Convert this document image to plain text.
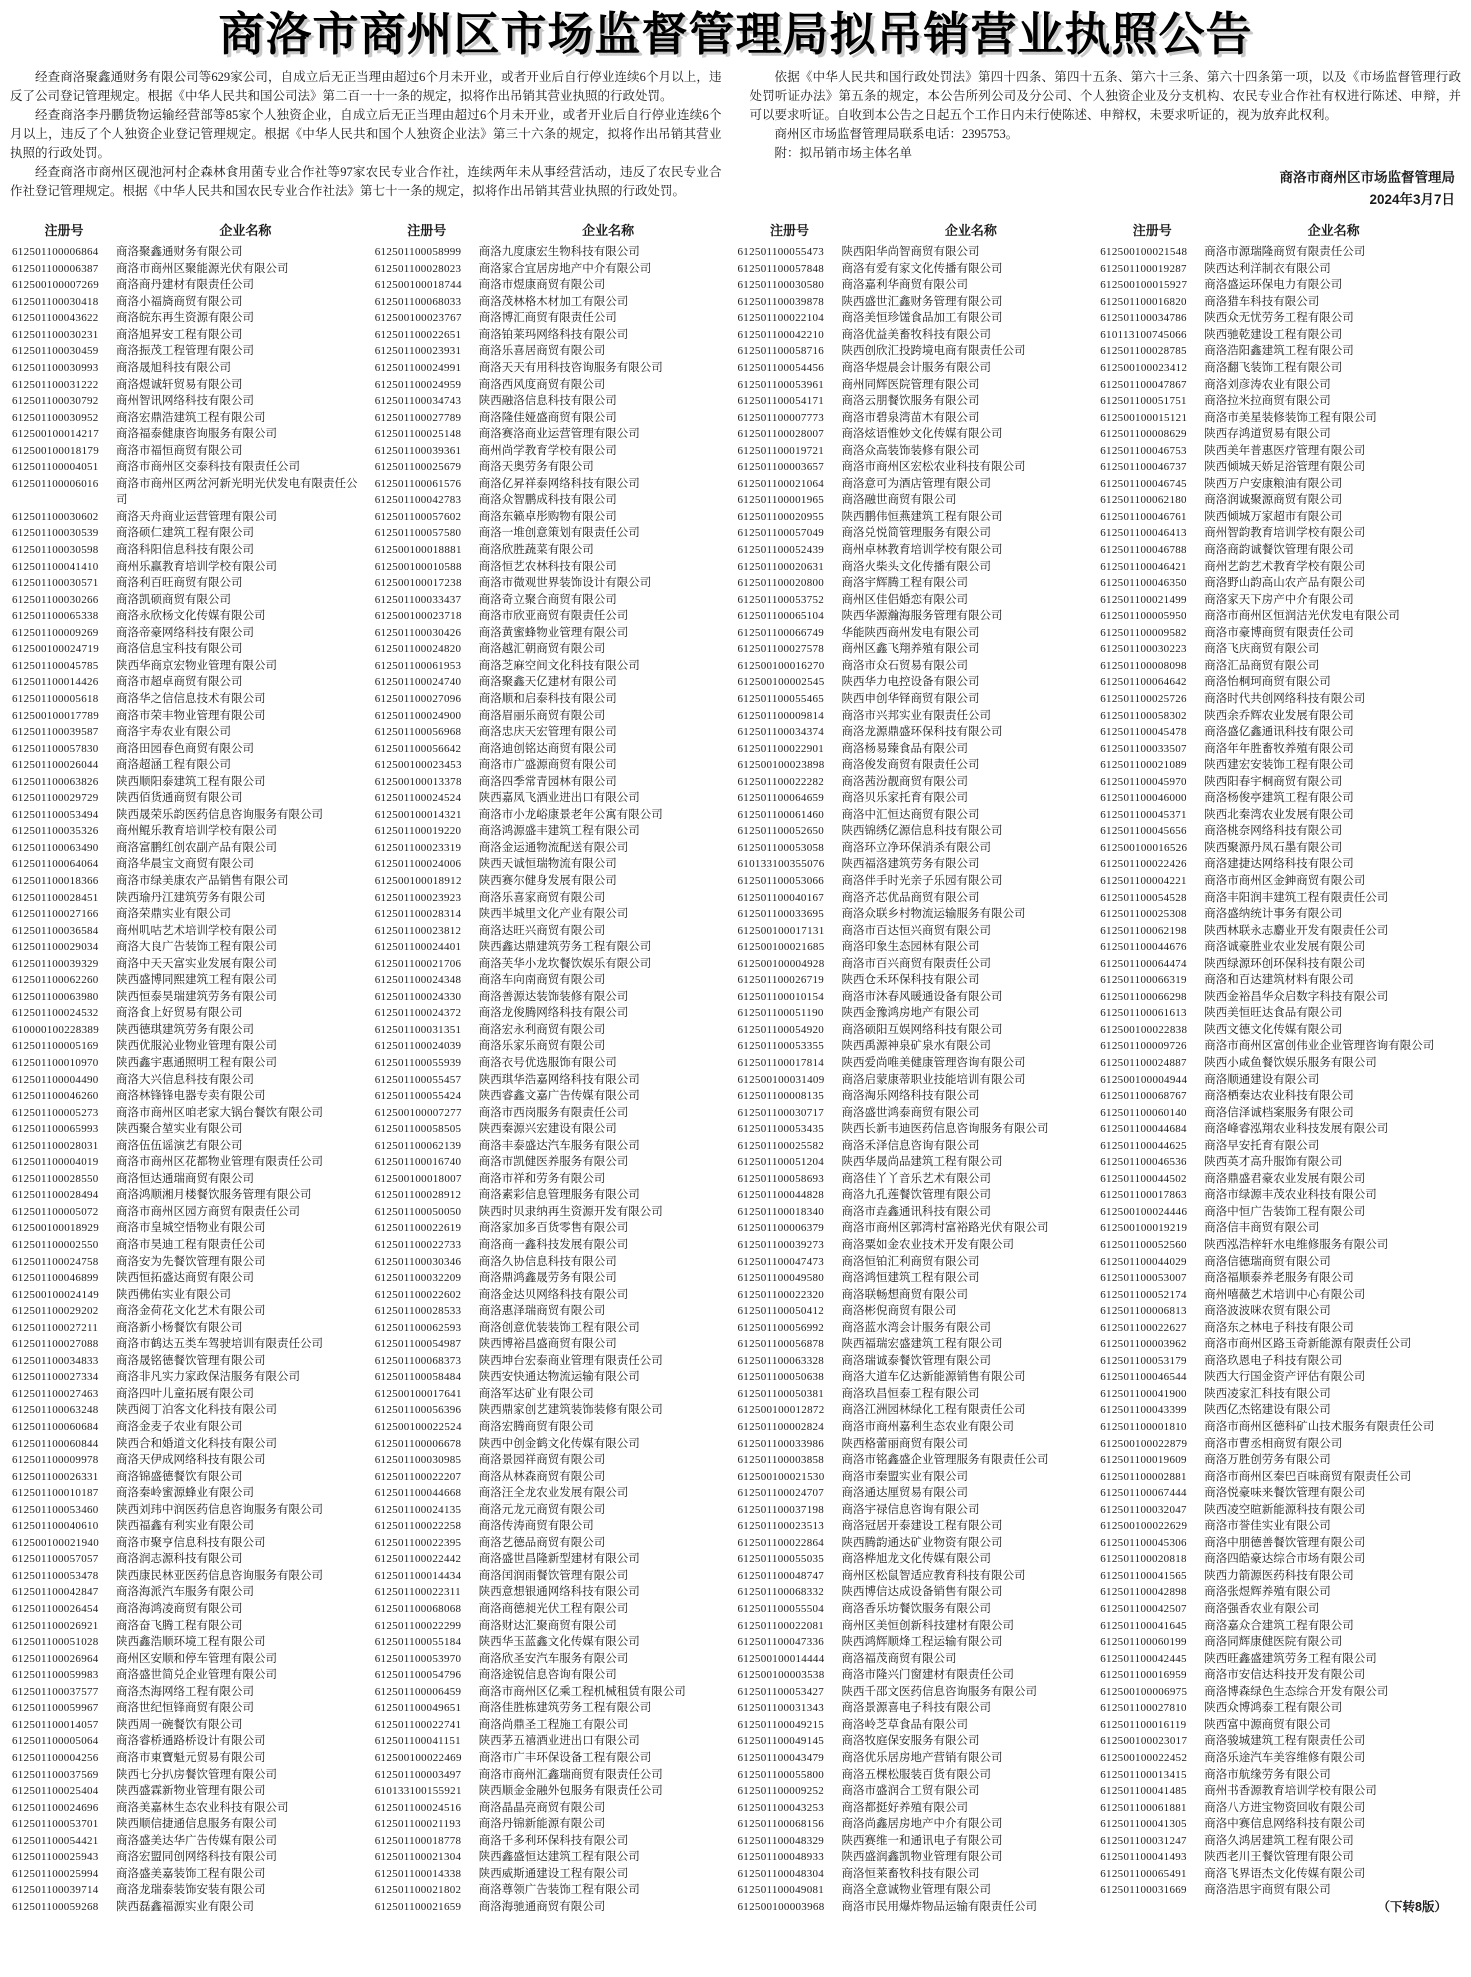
商洛市商州区市场监督管理局拟吊销营业执照公告

经查商洛聚鑫通财务有限公司等629家公司，自成立后无正当理由超过6个月未开业，或者开业后自行停业连续6个月以上，违反了公司登记管理规定。根据《中华人民共和国公司法》第二百一十一条的规定，拟将作出吊销其营业执照的行政处罚。

经查商洛李丹鹏货物运输经营部等85家个人独资企业，自成立后无正当理由超过6个月未开业，或者开业后自行停业连续6个月以上，违反了个人独资企业登记管理规定。根据《中华人民共和国个人独资企业法》第三十六条的规定，拟将作出吊销其营业执照的行政处罚。

经查商洛市商州区砚池河村企森林食用菌专业合作社等97家农民专业合作社，连续两年未从事经营活动，违反了农民专业合作社登记管理规定。根据《中华人民共和国农民专业合作社法》第七十一条的规定，拟将作出吊销其营业执照的行政处罚。

依据《中华人民共和国行政处罚法》第四十四条、第四十五条、第六十三条、第六十四条第一项，以及《市场监督管理行政处罚听证办法》第五条的规定，本公告所列公司及分公司、个人独资企业及分支机构、农民专业合作社有权进行陈述、申辩，并可以要求听证。自收到本公告之日起五个工作日内未行使陈述、申辩权，未要求听证的，视为放弃此权利。

商州区市场监督管理局联系电话：2395753。

附：拟吊销市场主体名单

商洛市商州区市场监督管理局
2024年3月7日
注册号	企业名称
612501100006864	商洛聚鑫通财务有限公司
612501100006387	商洛市商州区聚能源光伏有限公司
612500100007269	商洛商丹建材有限责任公司
612501100030418	商洛小福旖商贸有限公司
612501100043622	商洛皖东再生资源有限公司
612501100030231	商洛旭昇安工程有限公司
612501100030459	商洛振茂工程管理有限公司
612501100030993	商洛晟旭科技有限公司
612501100031222	商洛煜诚轩贸易有限公司
612501100030792	商州智讯网络科技有限公司
612501100030952	商洛宏鼎浩建筑工程有限公司
612500100014217	商洛福泰健康咨询服务有限公司
612500100018179	商洛市福恒商贸有限公司
612501100004051	商洛市商州区交泰科技有限责任公司
612501100006016	商洛市商州区两岔河新光明光伏发电有限责任公司
612501100030602	商洛天舟商业运营管理有限公司
612501100030539	商洛硕仁建筑工程有限公司
612501100030598	商洛科阳信息科技有限公司
612501100041410	商州乐赢教育培训学校有限公司
612501100030571	商洛利百旺商贸有限公司
612501100030266	商洛凯硕商贸有限公司
612501100065338	商洛永欣杨文化传媒有限公司
612501100009269	商洛帝豪网络科技有限公司
612500100024719	商洛信息宝科技有限公司
612501100045785	陕西华商京宏物业管理有限公司
612501100014426	商洛市超卓商贸有限公司
612501100005618	商洛华之信信息技术有限公司
612500100017789	商洛市荣丰物业管理有限公司
612501100039587	商洛宇寿农业有限公司
612501100057830	商洛田园春色商贸有限公司
612501100026044	商洛超涵工程有限公司
612501100063826	陕西顺阳泰建筑工程有限公司
612501100029729	陕西佰货通商贸有限公司
612501100053494	陕西晟荣乐韵医药信息咨询服务有限公司
612501100035326	商州鲲乐教育培训学校有限公司
612501100063490	商洛富鹏红创农副产品有限公司
612501100064064	商洛华晨宝文商贸有限公司
612501100018366	商洛市绿美康农产品销售有限公司
612501100028451	陕西瑜丹江建筑劳务有限公司
612501100027166	商洛荣鼎实业有限公司
612501100036584	商州叽咕艺术培训学校有限公司
612501100029034	商洛大良广告装饰工程有限公司
612501100039329	商洛中天天富实业发展有限公司
612501100062260	陕西盛博同熙建筑工程有限公司
612501100063980	陕西恒泰昊瑞建筑劳务有限公司
612501100024532	商洛食上好贸易有限公司
610000100228389	陕西德琪建筑劳务有限公司
612501100005169	陕西优服沁业物业管理有限公司
612501100010970	陕西鑫宇惠通照明工程有限公司
612501100004490	商洛大兴信息科技有限公司
612501100046260	商洛林锋锋电器专卖有限公司
612501100005273	商洛市商州区咱老家大锅台餐饮有限公司
612501100065993	陕西聚合堃实业有限公司
612501100028031	商洛伍伍谣演艺有限公司
612501100004019	商洛市商州区花都物业管理有限责任公司
612501100028550	商洛恒达通瑞商贸有限公司
612501100028494	商洛鸿顺湘月楼餐饮服务管理有限公司
612501100005072	商洛市商州区园方商贸有限责任公司
612500100018929	商洛市皇城空悟物业有限公司
612501100002550	商洛市昊迪工程有限责任公司
612501100024758	商洛安为先餐饮管理有限公司
612501100046899	陕西恒拓盛达商贸有限公司
612500100024149	陕西佛佑实业有限公司
612501100029202	商洛金荷花文化艺术有限公司
612501100027211	商洛新小杨餐饮有限公司
612501100027088	商洛市鹤达五类车驾驶培训有限责任公司
612501100034833	商洛晟铭德餐饮管理有限公司
612501100027334	商洛非凡实力家政保洁服务有限公司
612501100027463	商洛四叶儿童拓展有限公司
612501100063248	陕西阅丁泊客文化科技有限公司
612501100060684	商洛金麦子农业有限公司
612501100060844	陕西合和婚道文化科技有限公司
612501100009978	商洛天伊成网络科技有限公司
612501100026331	商洛锦盛德餐饮有限公司
612501100010187	商洛秦岭蜜源蜂业有限公司
612501100053460	陕西刘玮中润医药信息咨询服务有限公司
612501100040610	陕西福鑫有利实业有限公司
612500100021940	商洛市聚亨信息科技有限公司
612501100057057	商洛润志源科技有限公司
612501100053478	陕西康民林亚医药信息咨询服务有限公司
612501100042847	商洛海派汽车服务有限公司
612501100026454	商洛海鸿凌商贸有限公司
612501100026921	商洛奋飞腾工程有限公司
612501100051028	陕西鑫浩顺环境工程有限公司
612501100026964	商州区安顺和停车管理有限公司
612501100059983	商洛盛世简兑企业管理有限公司
612501100037577	商洛杰海网络工程有限公司
612501100059967	商洛世纪恒锋商贸有限公司
612501100014057	陕西周一碗餐饮有限公司
612501100005064	商洛睿桥通路桥设计有限公司
612501100004256	商洛市東寶魁元贸易有限公司
612501100037569	陕西七分扒房餐饮管理有限公司
612501100025404	陕西盛霖新物业管理有限公司
612501100024696	商洛美嘉林生态农业科技有限公司
612501100053701	陕西顺信捷通信息服务有限公司
612501100054421	商洛盛美达华广告传媒有限公司
612501100025943	商洛宏盟同创网络科技有限公司
612501100025994	商洛盛美嘉装饰工程有限公司
612501100039714	商洛龙瑞泰装饰安装有限公司
612501100059268	陕西磊鑫福源实业有限公司
注册号	企业名称
612501100058999	商洛九度康宏生物科技有限公司
612501100028023	商洛家合宜居房地产中介有限公司
612500100018744	商洛市煜康商贸有限公司
612501100068033	商洛茂林格木材加工有限公司
612500100023767	商洛博汇商贸有限责任公司
612501100022651	商洛铂莱玛网络科技有限公司
612501100023931	商洛乐喜居商贸有限公司
612501100024991	商洛天天有用科技咨询服务有限公司
612501100024959	商洛西风度商贸有限公司
612501100034743	陕西融洛信息科技有限公司
612501100027789	商洛隆佳娅盛商贸有限公司
612501100025148	商洛赛洛商业运营管理有限公司
612501100039361	商州尚学教育学校有限公司
612501100025679	商洛天奥劳务有限公司
612501100061576	商洛亿昇祥泰网络科技有限公司
612501100042783	商洛众智鹏成科技有限公司
612501100057602	商洛东籁卓彤购物有限公司
612501100057580	商洛一堆创意策划有限责任公司
612500100018881	商洛欣胜蔬菜有限公司
612500100010588	商洛恒艺农林科技有限公司
612500100017238	商洛市微观世界装饰设计有限公司
612501100033437	商洛奇立聚合商贸有限公司
612500100023718	商洛市欣亚商贸有限责任公司
612501100030426	商洛黄蜜蜂物业管理有限公司
612501100024820	商洛越汇朝商贸有限公司
612501100061953	商洛芝麻空间文化科技有限公司
612501100024740	商洛聚鑫天亿建材有限公司
612501100027096	商洛顺和启泰科技有限公司
612501100024900	商洛眉丽乐商贸有限公司
612501100056968	商洛忠庆天宏管理有限公司
612501100056642	商洛迪创铭达商贸有限公司
612500100023453	商洛市广盛源商贸有限公司
612500100013378	商洛四季常青园林有限公司
612501100024524	陕西嘉凤飞酒业进出口有限公司
612500100014321	商洛市小龙峪康景老年公寓有限公司
612501100019220	商洛鸿源盛丰建筑工程有限公司
612501100023319	商洛金运通物流配送有限公司
612501100024006	陕西天诚恒瑞物流有限公司
612500100018912	陕西赛尔健身发展有限公司
612501100023923	商洛乐喜家商贸有限公司
612501100028314	陕西半城里文化产业有限公司
612501100023812	商洛达旺兴商贸有限公司
612501100024401	陕西鑫达鼎建筑劳务工程有限公司
612501100021706	商洛芙华小龙坎餐饮娱乐有限公司
612501100024348	商洛车向南商贸有限公司
612501100024330	商洛善源达装饰装修有限公司
612501100024372	商洛龙俊腾网络科技有限公司
612501100031351	商洛宏永利商贸有限公司
612501100024039	商洛乐家乐商贸有限公司
612501100055939	商洛衣号优选服饰有限公司
612501100055457	陕西琪华浩嘉网络科技有限公司
612501100055424	陕西睿鑫文嘉广告传媒有限公司
612500100007277	商洛市西岗服务有限责任公司
612501100058505	陕西秦源兴宏建设有限公司
612501100062139	商洛丰泰盛达汽车服务有限公司
612501100016740	商洛市凯健医养服务有限公司
612500100018007	商洛市祥和劳务有限公司
612501100028912	商洛素彩信息管理服务有限公司
612501100050050	陕西时贝隶纳再生资源开发有限公司
612501100022619	商洛家加多百货零售有限公司
612501100022733	商洛商一鑫科技发展有限公司
612501100030346	商洛久协信息科技有限公司
612501100032209	商洛鼎鸿鑫晟劳务有限公司
612501100022602	商洛金达贝网络科技有限公司
612501100028533	商洛惠泽瑞商贸有限公司
612501100062593	商洛创意优装装饰工程有限公司
612501100054987	陕西博裕昌盛商贸有限公司
612501100068373	陕西坤台宏泰商业管理有限责任公司
612501100058484	陕西安快通达物流运输有限公司
612500100017641	商洛军达矿业有限公司
612501100056396	陕西鼎家创艺建筑装饰装修有限公司
612500100022524	商洛宏腾商贸有限公司
612501100006678	陕西中创金鹤文化传媒有限公司
612501100030985	商洛景园祥商贸有限公司
612501100022207	商洛从林森商贸有限公司
612501100044668	商洛汪全龙农业发展有限公司
612501100024135	商洛元龙元商贸有限公司
612501100022258	商洛传涛商贸有限公司
612501100022395	商洛艺德品商贸有限公司
612501100022442	商洛盛世昌隆新型建材有限公司
612501100014434	商洛闰润雨餐饮管理有限公司
612501100022311	陕西意想银通网络科技有限公司
612501100068068	商洛商德昶光伏工程有限公司
612501100022299	商洛财达汇聚商贸有限公司
612501100055184	陕西华玉蓝鑫文化传媒有限公司
612501100053970	商洛欣圣安汽车服务有限公司
612501100054796	商洛途锐信息咨询有限公司
612501100006459	商洛市商州区亿乘工程机械租赁有限公司
612501100049651	商洛佳胜栋建筑劳务工程有限公司
612501100022741	商洛尚鼎圣工程施工有限公司
612501100041151	陕西茅五禧酒业进出口有限公司
612500100022469	商洛市广丰环保设备工程有限公司
612501100003497	商洛市商州汇鑫瑞商贸有限责任公司
610133100155921	陕西顺金金融外包服务有限责任公司
612501100024516	商洛晶晶亮商贸有限公司
612501100021193	商洛丹锦新能源有限公司
612501100018778	商洛千多利环保科技有限公司
612501100021304	陕西鑫盛恒达建筑工程有限公司
612501100014338	陕西威斯通建设工程有限公司
612501100021802	商洛尊领广告装饰工程有限公司
612501100021659	商洛海驰通商贸有限公司
注册号	企业名称
612501100055473	陕西阳华尚智商贸有限公司
612501100057848	商洛有爱有家文化传播有限公司
612501100030580	商洛嘉利华商贸有限公司
612501100039878	陕西盛世汇鑫财务管理有限公司
612501100022104	商洛美恒珍馐食品加工有限公司
612501100042210	商洛优益美畜牧科技有限公司
612501100058716	陕西创欣汇投跨境电商有限责任公司
612501100054456	商洛华煜晨会计服务有限公司
612501100053961	商州同辉医院管理有限公司
612501100054171	商洛云朋餐饮服务有限公司
612501100007773	商洛市碧泉湾苗木有限公司
612501100028007	商洛炫语惟妙文化传媒有限公司
612501100019721	商洛众高装饰装修有限公司
612501100003657	商洛市商州区宏松农业科技有限公司
612501100021064	商洛意可为酒店管理有限公司
612501100001965	商洛融世商贸有限公司
612501100020955	陕西鹏伟恒燕建筑工程有限公司
612501100057049	商洛兑悦简管理服务有限公司
612501100052439	商州卓林教育培训学校有限公司
612501100020631	商洛火柴头文化传播有限公司
612501100020800	商洛宇辉腾工程有限公司
612501100053752	商州区佳侣婚恋有限公司
612501100065104	陕西华源瀚海服务管理有限公司
612501100066749	华能陕西商州发电有限公司
612501100027578	商州区鑫飞翔养殖有限公司
612500100016270	商洛市众石贸易有限公司
612500100002545	陕西华力电控设备有限公司
612501100055465	陕西申创华铎商贸有限公司
612501100009814	商洛市兴邦实业有限责任公司
612501100034374	商洛龙源鼎盛环保科技有限公司
612501100022901	商洛杨易臻食品有限公司
612500100023898	商洛俊发商贸有限责任公司
612501100022282	商洛茜汾靓商贸有限公司
612501100064659	商洛贝乐家托育有限公司
612501100061460	商洛中汇恒达商贸有限公司
612501100052650	陕西锦绣亿源信息科技有限公司
612501100053058	商洛环立净环保消杀有限公司
610133100355076	陕西福洛建筑劳务有限公司
612501100053066	商洛伴手时光亲子乐园有限公司
612501100040167	商洛齐芯优品商贸有限公司
612501100033695	商洛众联乡村物流运输服务有限公司
612500100017131	商洛市百达恒兴商贸有限公司
612500100021685	商洛印象生态园林有限公司
612500100004928	商洛市百兴商贸有限责任公司
612501100026719	陕西仓禾环保科技有限公司
612501100010154	商洛市沐春风暖通设备有限公司
612501100051190	陕西金豫鸿房地产有限公司
612501100054920	商洛硕阳互娱网络科技有限公司
612501100053355	陕西禹源神泉矿泉水有限公司
612501100017814	陕西爱尚唯美健康管理咨询有限公司
612500100031409	商洛启蒙康蒂职业技能培训有限公司
612501100008135	商洛淘乐网络科技有限公司
612501100030717	商洛盛世鸿泰商贸有限公司
612501100053435	陕西长新韦迪医药信息咨询服务有限公司
612501100025582	商洛禾泽信息咨询有限公司
612501100051204	陕西华晟尚品建筑工程有限公司
612501100058693	商洛佳丫丫音乐艺术有限公司
612501100044828	商洛九孔莲餐饮管理有限公司
612501100018340	商洛市垚鑫通讯科技有限公司
612501100006379	商洛市商州区郭湾村富裕路光伏有限公司
612501100039273	商洛粟如金农业技术开发有限公司
612501100047473	商洛恒铂汇利商贸有限公司
612501100049580	商洛鸿恒建筑工程有限公司
612501100022320	商洛联畅想商贸有限公司
612501100050412	商洛彬倪商贸有限公司
612501100056992	商洛蓝水湾会计服务有限公司
612501100056878	陕西福瑞宏盛建筑工程有限公司
612501100063328	商洛瑞诚泰餐饮管理有限公司
612501100050638	商洛大道车亿达新能源销售有限公司
612501100050381	商洛玖昌恒泰工程有限公司
612500100012872	商洛江洲园林绿化工程有限责任公司
612501100002824	商洛市商州嘉利生态农业有限公司
612501100033986	陕西格蕾丽商贸有限公司
612501100003858	商洛市铭鑫盛企业管理服务有限责任公司
612500100021530	商洛市秦盟实业有限公司
612501100024707	商洛通达厘贸易有限公司
612501100037198	商洛宇禄信息咨询有限公司
612501100023513	商洛冠居开泰建设工程有限公司
612501100022864	陕西腾韵通达矿业物资有限公司
612501100055035	商洛桦旭龙文化传媒有限公司
612501100048747	商州区松鼠智适应教育科技有限公司
612501100068332	陕西博信达成设备销售有限公司
612501100055504	商洛香乐坊餐饮服务有限公司
612501100022081	商州区美恒创新科技建材有限公司
612501100047336	陕西鸿辉顺烽工程运输有限公司
612500100014444	商洛福茂商贸有限公司
612500100003538	商洛市隆兴门窗建材有限责任公司
612501100053427	陕西千邵文医药信息咨询服务有限公司
612501100031343	商洛景源喜电子科技有限公司
612501100049215	商洛岭芝草食品有限公司
612501100049145	商洛牧庭保安服务有限公司
612501100043479	商洛优乐居房地产营销有限公司
612501100055800	商洛五棵松服装百货有限公司
612501100009252	商洛市盛润合工贸有限公司
612501100043253	商洛都挺好养殖有限公司
612501100068156	商洛尚鑫居房地产中介有限公司
612501100048329	陕西赛维一和通讯电子有限公司
612501100048933	陕西盛润鑫凯物业管理有限公司
612501100048304	商洛恒莱畜牧科技有限公司
612501100049081	商洛全意诚物业管理有限公司
612500100003968	商洛市民用爆炸物品运输有限责任公司
注册号	企业名称
612500100021548	商洛市源瑞隆商贸有限责任公司
612501100019287	陕西达利洋制衣有限公司
612500100015927	商洛盛运环保电力有限公司
612501100016820	商洛猎车科技有限公司
612501100034786	陕西众无忧劳务工程有限公司
610113100745066	陕西驰乾建设工程有限公司
612501100028785	商洛浩阳鑫建筑工程有限公司
612500100023412	商洛翻飞装饰工程有限公司
612501100047867	商洛刘彦涛农业有限公司
612501100051751	商洛拉米拉商贸有限公司
612500100015121	商洛市美星装修装饰工程有限公司
612501100008629	陕西存鸿道贸易有限公司
612501100046753	陕西美年普惠医疗管理有限公司
612501100046737	陕西倾城天娇足浴管理有限公司
612501100046745	陕西万户安康粮油有限公司
612501100062180	商洛润诚聚源商贸有限公司
612501100046761	陕西倾城万家超市有限公司
612501100046413	商州智韵教育培训学校有限公司
612501100046788	商洛商韵诚餐饮管理有限公司
612501100046421	商州艺韵艺术教育学校有限公司
612501100046350	商洛野山韵高山农产品有限公司
612501100021499	商洛家天下房产中介有限公司
612501100005950	商洛市商州区恒润洁光伏发电有限公司
612501100009582	商洛市豪博商贸有限责任公司
612501100030223	商洛飞庆商贸有限公司
612501100008098	商洛汇品商贸有限公司
612501100064642	商洛怡桐珂商贸有限公司
612501100025726	商洛时代共创网络科技有限公司
612501100058302	陕西余乔辉农业发展有限公司
612501100045478	商洛盛亿鑫通讯科技有限公司
612501100033507	商洛年年胜畜牧养殖有限公司
612501100021089	陕西建宏安装饰工程有限公司
612501100045970	陕西阳春宇桐商贸有限公司
612501100046000	商洛杨俊亭建筑工程有限公司
612501100045371	陕西北秦湾农业发展有限公司
612501100045656	商洛桃奈网络科技有限公司
612500100016526	陕西聚源丹凤石墨有限公司
612501100022426	商洛建捷达网络科技有限公司
612501100004221	商洛市商州区金鉮商贸有限公司
612501100054528	商洛丰阳润丰建筑工程有限责任公司
612501100025308	商洛盛纳统计事务有限公司
612501100062198	陕西林联永志麝业开发有限责任公司
612501100044676	商洛诚豪胜业农业发展有限公司
612501100064474	陕西绿源环创环保科技有限公司
612501100066319	商洛和百达建筑材料有限公司
612501100066298	陕西金裕昌华众启数字科技有限公司
612501100061613	陕西美恒旺达食品有限公司
612500100022838	陕西文德文化传媒有限公司
612501100009726	商洛市商州区富创伟业企业管理咨询有限公司
612501100024887	陕西小咸鱼餐饮娱乐服务有限公司
612500100004944	商洛顺通建设有限公司
612501100068767	商洛栖秦达农业科技有限公司
612501100060140	商洛信泽诚档案服务有限公司
612501100044684	商洛峰睿泓翔农业科技发展有限公司
612501100044625	商洛早安托育有限公司
612501100046536	陕西英才高升服饰有限公司
612501100044502	商洛鼎盛君豪农业发展有限公司
612501100017863	商洛市绿源丰茂农业科技有限公司
612500100024446	商洛中恒广告装饰工程有限公司
612500100019219	商洛信丰商贸有限公司
612501100052560	陕西泓浩梓轩水电维修服务有限公司
612501100044029	商洛信德瑞商贸有限公司
612501100053007	商洛福顺泰养老服务有限公司
612501100052174	商州嘻薇艺术培训中心有限公司
612501100006813	商洛波波咪农贸有限公司
612501100022627	商洛东之林电子科技有限公司
612501100003962	商洛市商州区路玉奇新能源有限责任公司
612501100053179	商洛玖恩电子科技有限公司
612501100046544	陕西大行国金资产评估有限公司
612501100041900	陕西凌家汇科技有限公司
612501100043399	陕西亿杰铭建设有限公司
612501100001810	商洛市商州区德科矿山技术服务有限责任公司
612500100022879	商洛市曹丞相商贸有限公司
612501100019609	商洛万胜创劳务有限公司
612501100002881	商洛市商州区秦巴百味商贸有限责任公司
612501100067444	商洛悦豪味来餐饮管理有限公司
612501100032047	陕西凌空暄新能源科技有限公司
612500100022629	商洛市誉佳实业有限公司
612501100045306	商洛中朋德善餐饮管理有限公司
612501100020818	商洛四皓豪达综合市场有限公司
612501100041565	陕西力箭源医药科技有限公司
612501100042898	商洛张煜辉养殖有限公司
612501100042507	商洛强香农业有限公司
612501100041645	商洛嘉众合建筑工程有限公司
612501100060199	商洛同辉康健医院有限公司
612501100042445	陕西旺鑫盛建筑劳务工程有限公司
612501100016959	商洛市安信达科技开发有限公司
612500100006975	商洛博森绿色生态综合开发有限公司
612501100027810	陕西众博鸿泰工程有限公司
612501100016119	陕西富中源商贸有限公司
612500100023017	商洛骏城建筑工程有限责任公司
612500100022452	商洛乐途汽车美容维修有限公司
612501100013415	商洛市航缘劳务有限公司
612501100041485	商州书香源教育培训学校有限公司
612501100061881	商洛八方进宝物资回收有限公司
612501100041305	商洛中赛信息网络科技有限公司
612501100031247	商洛久鸿居建筑工程有限公司
612501100041493	陕西老川王餐饮管理有限公司
612501100065491	商洛飞界语杰文化传媒有限公司
612501100031669	商洛浩思宇商贸有限公司
（下转8版）
